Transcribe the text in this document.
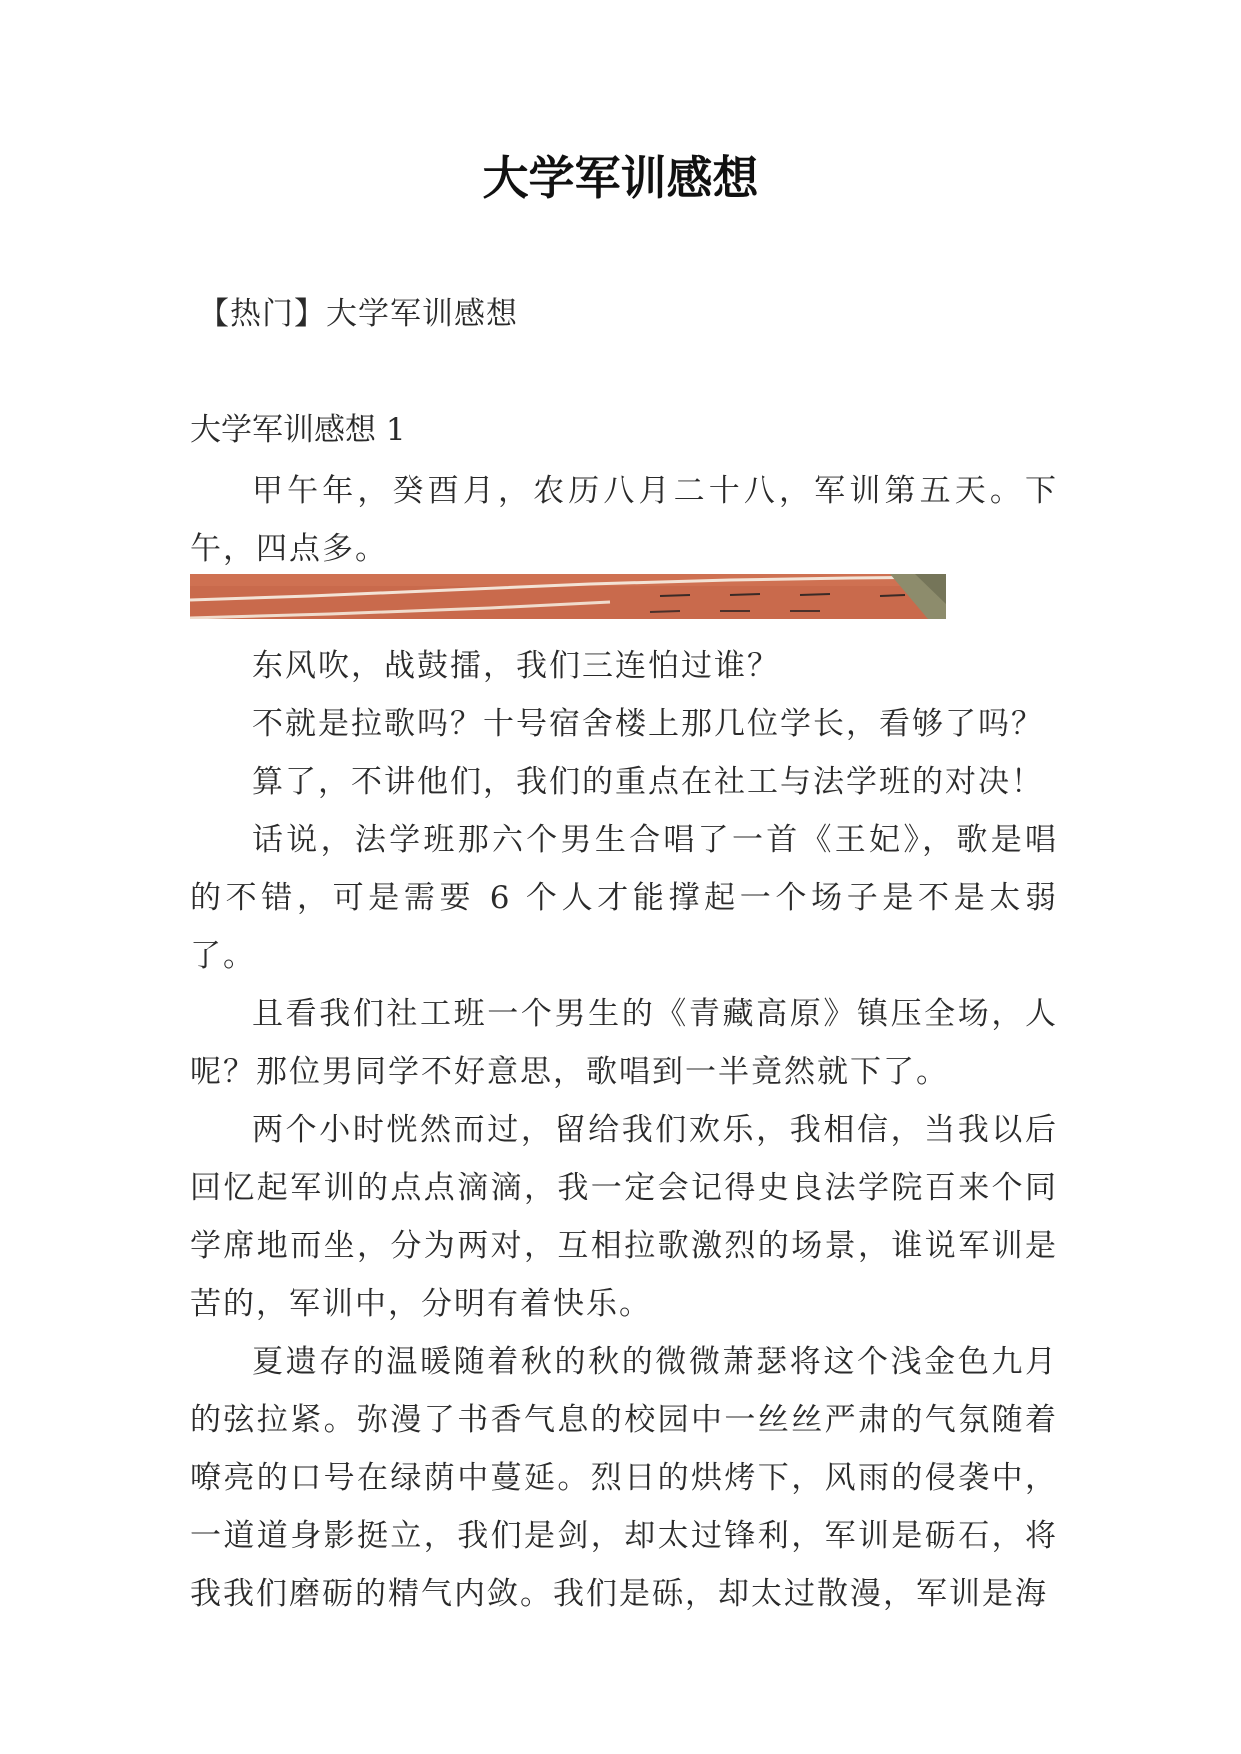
大学军训感想

【热门】大学军训感想

大学军训感想 1

甲午年，癸酉月，农历八月二十八，军训第五天。下午，四点多。

东风吹，战鼓擂，我们三连怕过谁？

不就是拉歌吗？十号宿舍楼上那几位学长，看够了吗？

算了，不讲他们，我们的重点在社工与法学班的对决！

话说，法学班那六个男生合唱了一首《王妃》，歌是唱的不错，可是需要 6 个人才能撑起一个场子是不是太弱了。

且看我们社工班一个男生的《青藏高原》镇压全场，人呢？那位男同学不好意思，歌唱到一半竟然就下了。

两个小时恍然而过，留给我们欢乐，我相信，当我以后回忆起军训的点点滴滴，我一定会记得史良法学院百来个同学席地而坐，分为两对，互相拉歌激烈的场景，谁说军训是苦的，军训中，分明有着快乐。

夏遗存的温暖随着秋的秋的微微萧瑟将这个浅金色九月的弦拉紧。弥漫了书香气息的校园中一丝丝严肃的气氛随着嘹亮的口号在绿荫中蔓延。烈日的烘烤下，风雨的侵袭中，一道道身影挺立，我们是剑，却太过锋利，军训是砺石，将我我们磨砺的精气内敛。我们是砾，却太过散漫，军训是海
